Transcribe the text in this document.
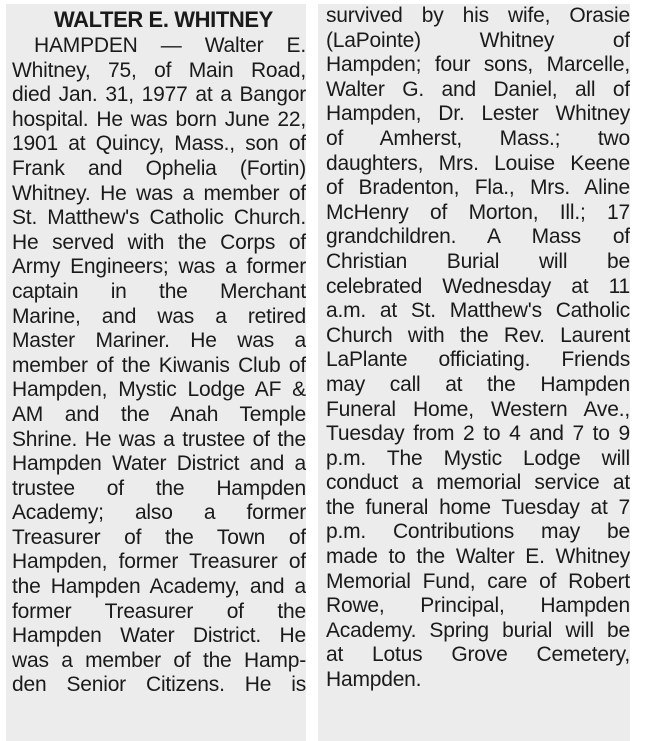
WALTER E. WHITNEY
HAMPDEN — Walter E.
Whitney, 75, of Main Road,
died Jan. 31, 1977 at a Bangor
hospital. He was born June 22,
1901 at Quincy, Mass., son of
Frank and Ophelia (Fortin)
Whitney. He was a member of
St. Matthew's Catholic Church.
He served with the Corps of
Army Engineers; was a former
captain in the Merchant
Marine, and was a retired
Master Mariner. He was a
member of the Kiwanis Club of
Hampden, Mystic Lodge AF &
AM and the Anah Temple
Shrine. He was a trustee of the
Hampden Water District and a
trustee of the Hampden
Academy; also a former
Treasurer of the Town of
Hampden, former Treasurer of
the Hampden Academy, and a
former Treasurer of the
Hampden Water District. He
was a member of the Hamp-
den Senior Citizens. He is
survived by his wife, Orasie
(LaPointe) Whitney of
Hampden; four sons, Marcelle,
Walter G. and Daniel, all of
Hampden, Dr. Lester Whitney
of Amherst, Mass.; two
daughters, Mrs. Louise Keene
of Bradenton, Fla., Mrs. Aline
McHenry of Morton, Ill.; 17
grandchildren. A Mass of
Christian Burial will be
celebrated Wednesday at 11
a.m. at St. Matthew's Catholic
Church with the Rev. Laurent
LaPlante officiating. Friends
may call at the Hampden
Funeral Home, Western Ave.,
Tuesday from 2 to 4 and 7 to 9
p.m. The Mystic Lodge will
conduct a memorial service at
the funeral home Tuesday at 7
p.m. Contributions may be
made to the Walter E. Whitney
Memorial Fund, care of Robert
Rowe, Principal, Hampden
Academy. Spring burial will be
at Lotus Grove Cemetery,
Hampden.
